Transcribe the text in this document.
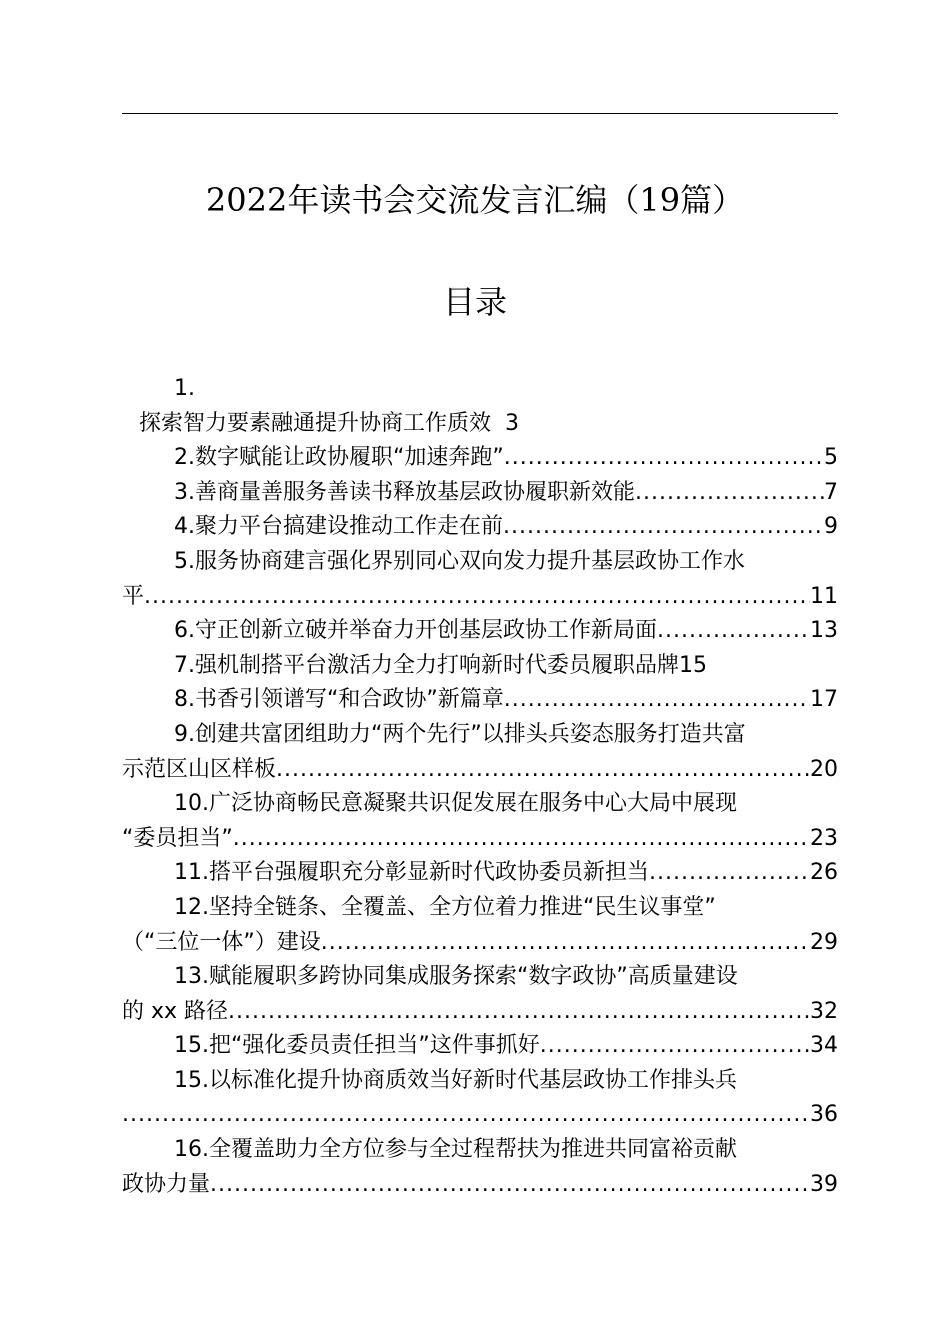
2022年读书会交流发言汇编（19篇）
目录
1.
探索智力要素融通提升协商工作质效 3
2.数字赋能让政协履职“加速奔跑” .....	5
3.善商量善服务善读书释放基层政协履职新效能 .....	7
4.聚力平台搞建设推动工作走在前 .....	9
5.服务协商建言强化界别同心双向发力提升基层政协工作水
平 .....	11
6.守正创新立破并举奋力开创基层政协工作新局面 .....	13
7.强机制搭平台激活力全力打响新时代委员履职品牌 15
8.书香引领谱写“和合政协”新篇章 .....	17
9.创建共富团组助力“两个先行”以排头兵姿态服务打造共富
示范区山区样板 .....	20
10.广泛协商畅民意凝聚共识促发展在服务中心大局中展现
“委员担当” .....	23
11.搭平台强履职充分彰显新时代政协委员新担当 .....	26
12.坚持全链条、全覆盖、全方位着力推进“民生议事堂”
（“三位一体”）建设 .....	29
13.赋能履职多跨协同集成服务探索“数字政协”高质量建设
的 xx 路径 .....	32
15.把“强化委员责任担当”这件事抓好 .....	34
15.以标准化提升协商质效当好新时代基层政协工作排头兵
.....
36
16.全覆盖助力全方位参与全过程帮扶为推进共同富裕贡献
政协力量 .....	39
